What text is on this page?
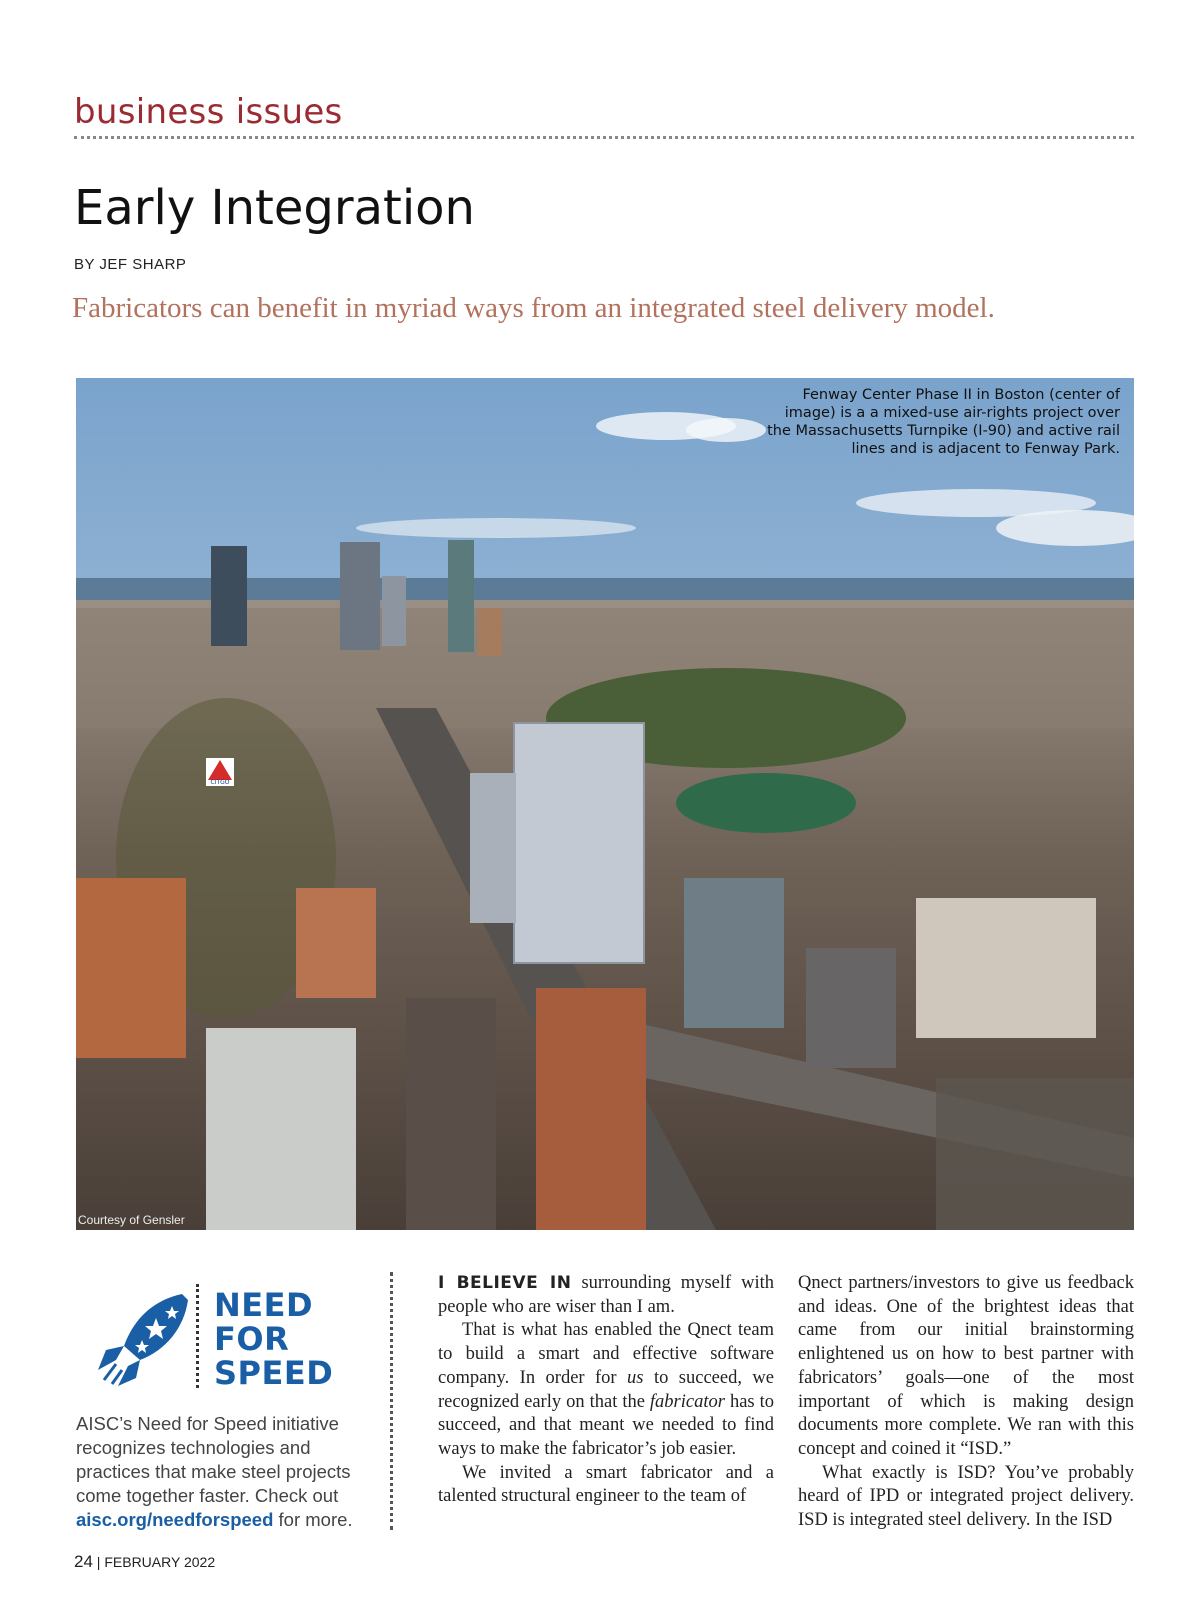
business issues
Early Integration
BY JEF SHARP
Fabricators can benefit in myriad ways from an integrated steel delivery model.
CITGO
Fenway Center Phase II in Boston (center of image) is a a mixed-use air-rights project over the Massachusetts Turnpike (I-90) and active rail lines and is adjacent to Fenway Park.
Courtesy of Gensler
NEED
FOR
SPEED
AISC’s Need for Speed initiative recognizes technologies and practices that make steel projects come together faster. Check out aisc.org/needforspeed for more.

I BELIEVE IN surrounding myself with people who are wiser than I am.

That is what has enabled the Qnect team to build a smart and effective software company. In order for us to succeed, we recognized early on that the fabricator has to succeed, and that meant we needed to find ways to make the fabricator’s job easier.

We invited a smart fabricator and a talented structural engineer to the team of

Qnect partners/investors to give us feedback and ideas. One of the brightest ideas that came from our initial brainstorming enlightened us on how to best partner with fabricators’ goals—one of the most important of which is making design documents more complete. We ran with this concept and coined it “ISD.”

What exactly is ISD? You’ve probably heard of IPD or integrated project delivery. ISD is integrated steel delivery. In the ISD

24 | FEBRUARY 2022
